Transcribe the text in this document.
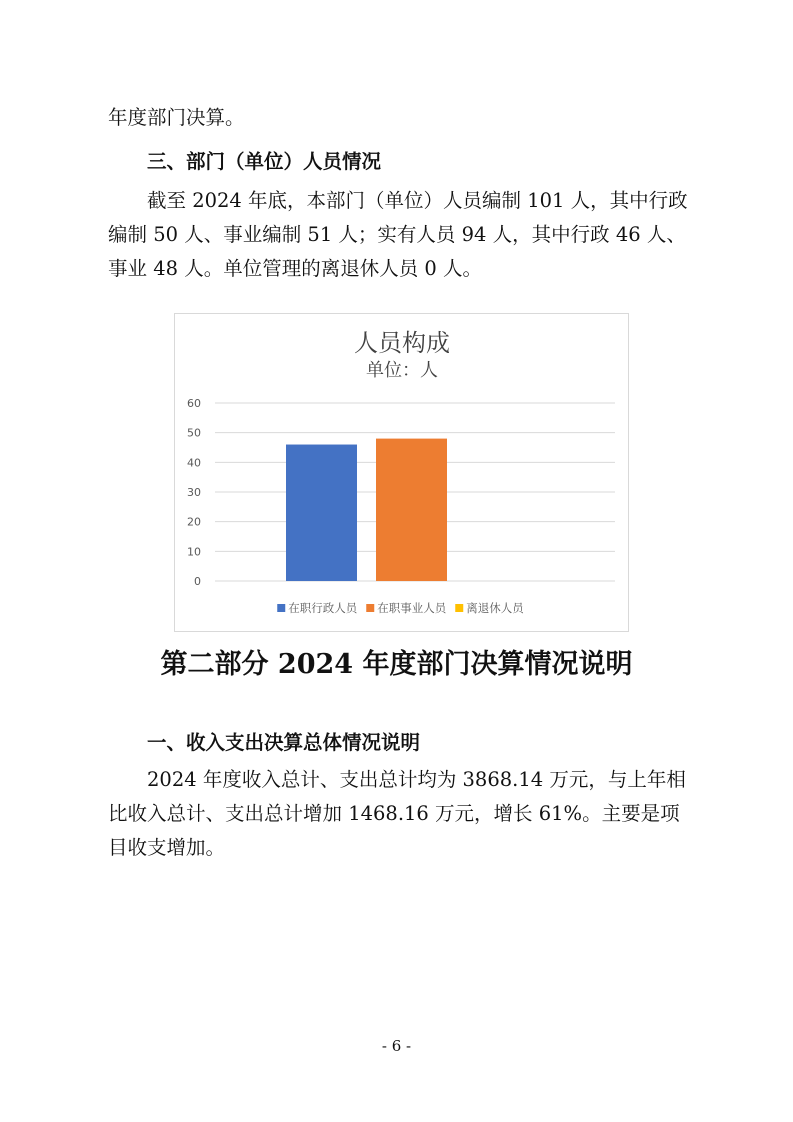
年度部门决算。

三、部门（单位）人员情况

截至 2024 年底，本部门（单位）人员编制 101 人，其中行政编制 50 人、事业编制 51 人；实有人员 94 人，其中行政 46 人、事业 48 人。单位管理的离退休人员 0 人。

人员构成
单位：人
0
10
20
30
40
50
60
在职行政人员 在职事业人员 离退休人员

第二部分 2024 年度部门决算情况说明

一、收入支出决算总体情况说明

2024 年度收入总计、支出总计均为 3868.14 万元，与上年相比收入总计、支出总计增加 1468.16 万元，增长 61%。主要是项目收支增加。

- 6 -
